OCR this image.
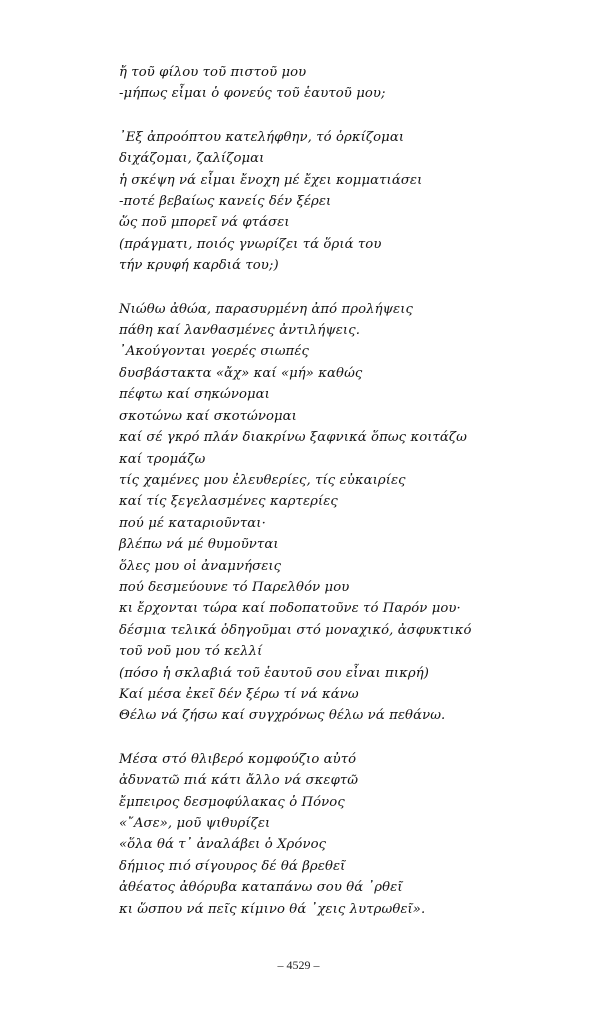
ἤ τοῦ φίλου τοῦ πιστοῦ μου
-μήπως εἶμαι ὁ φονεύς τοῦ ἑαυτοῦ μου;
᾿Εξ ἀπροόπτου κατελήφθην, τό ὁρκίζομαι
διχάζομαι, ζαλίζομαι
ἡ σκέψη νά εἶμαι ἔνοχη μέ ἔχει κομματιάσει
-ποτέ βεβαίως κανείς δέν ξέρει
ὥς ποῦ μπορεῖ νά φτάσει
(πράγματι, ποιός γνωρίζει τά ὅριά του
τήν κρυφή καρδιά του;)
Νιώθω ἀθώα, παρασυρμένη ἀπό προλήψεις
πάθη καί λανθασμένες ἀντιλήψεις.
᾿Ακούγονται γοερές σιωπές
δυσβάστακτα «ἄχ» καί «μή» καθώς
πέφτω καί σηκώνομαι
σκοτώνω καί σκοτώνομαι
καί σέ γκρό πλάν διακρίνω ξαφνικά ὅπως κοιτάζω
καί τρομάζω
τίς χαμένες μου ἐλευθερίες, τίς εὐκαιρίες
καί τίς ξεγελασμένες καρτερίες
πού μέ καταριοῦνται·
βλέπω νά μέ θυμοῦνται
ὅλες μου οἱ ἀναμνήσεις
πού δεσμεύουνε τό Παρελθόν μου
κι ἔρχονται τώρα καί ποδοπατοῦνε τό Παρόν μου·
δέσμια τελικά ὁδηγοῦμαι στό μοναχικό, ἀσφυκτικό
τοῦ νοῦ μου τό κελλί
(πόσο ἡ σκλαβιά τοῦ ἑαυτοῦ σου εἶναι πικρή)
Καί μέσα ἐκεῖ δέν ξέρω τί νά κάνω
Θέλω νά ζήσω καί συγχρόνως θέλω νά πεθάνω.
Μέσα στό θλιβερό κομφούζιο αὐτό
ἀδυνατῶ πιά κάτι ἄλλο νά σκεφτῶ
ἔμπειρος δεσμοφύλακας ὁ Πόνος
«῎Ασε», μοῦ ψιθυρίζει
«ὅλα θά τ᾿ ἀναλάβει ὁ Χρόνος
δήμιος πιό σίγουρος δέ θά βρεθεῖ
ἀθέατος ἀθόρυβα καταπάνω σου θά ᾿ρθεῖ
κι ὥσπου νά πεῖς κίμινο θά ᾿χεις λυτρωθεῖ».
– 4529 –
